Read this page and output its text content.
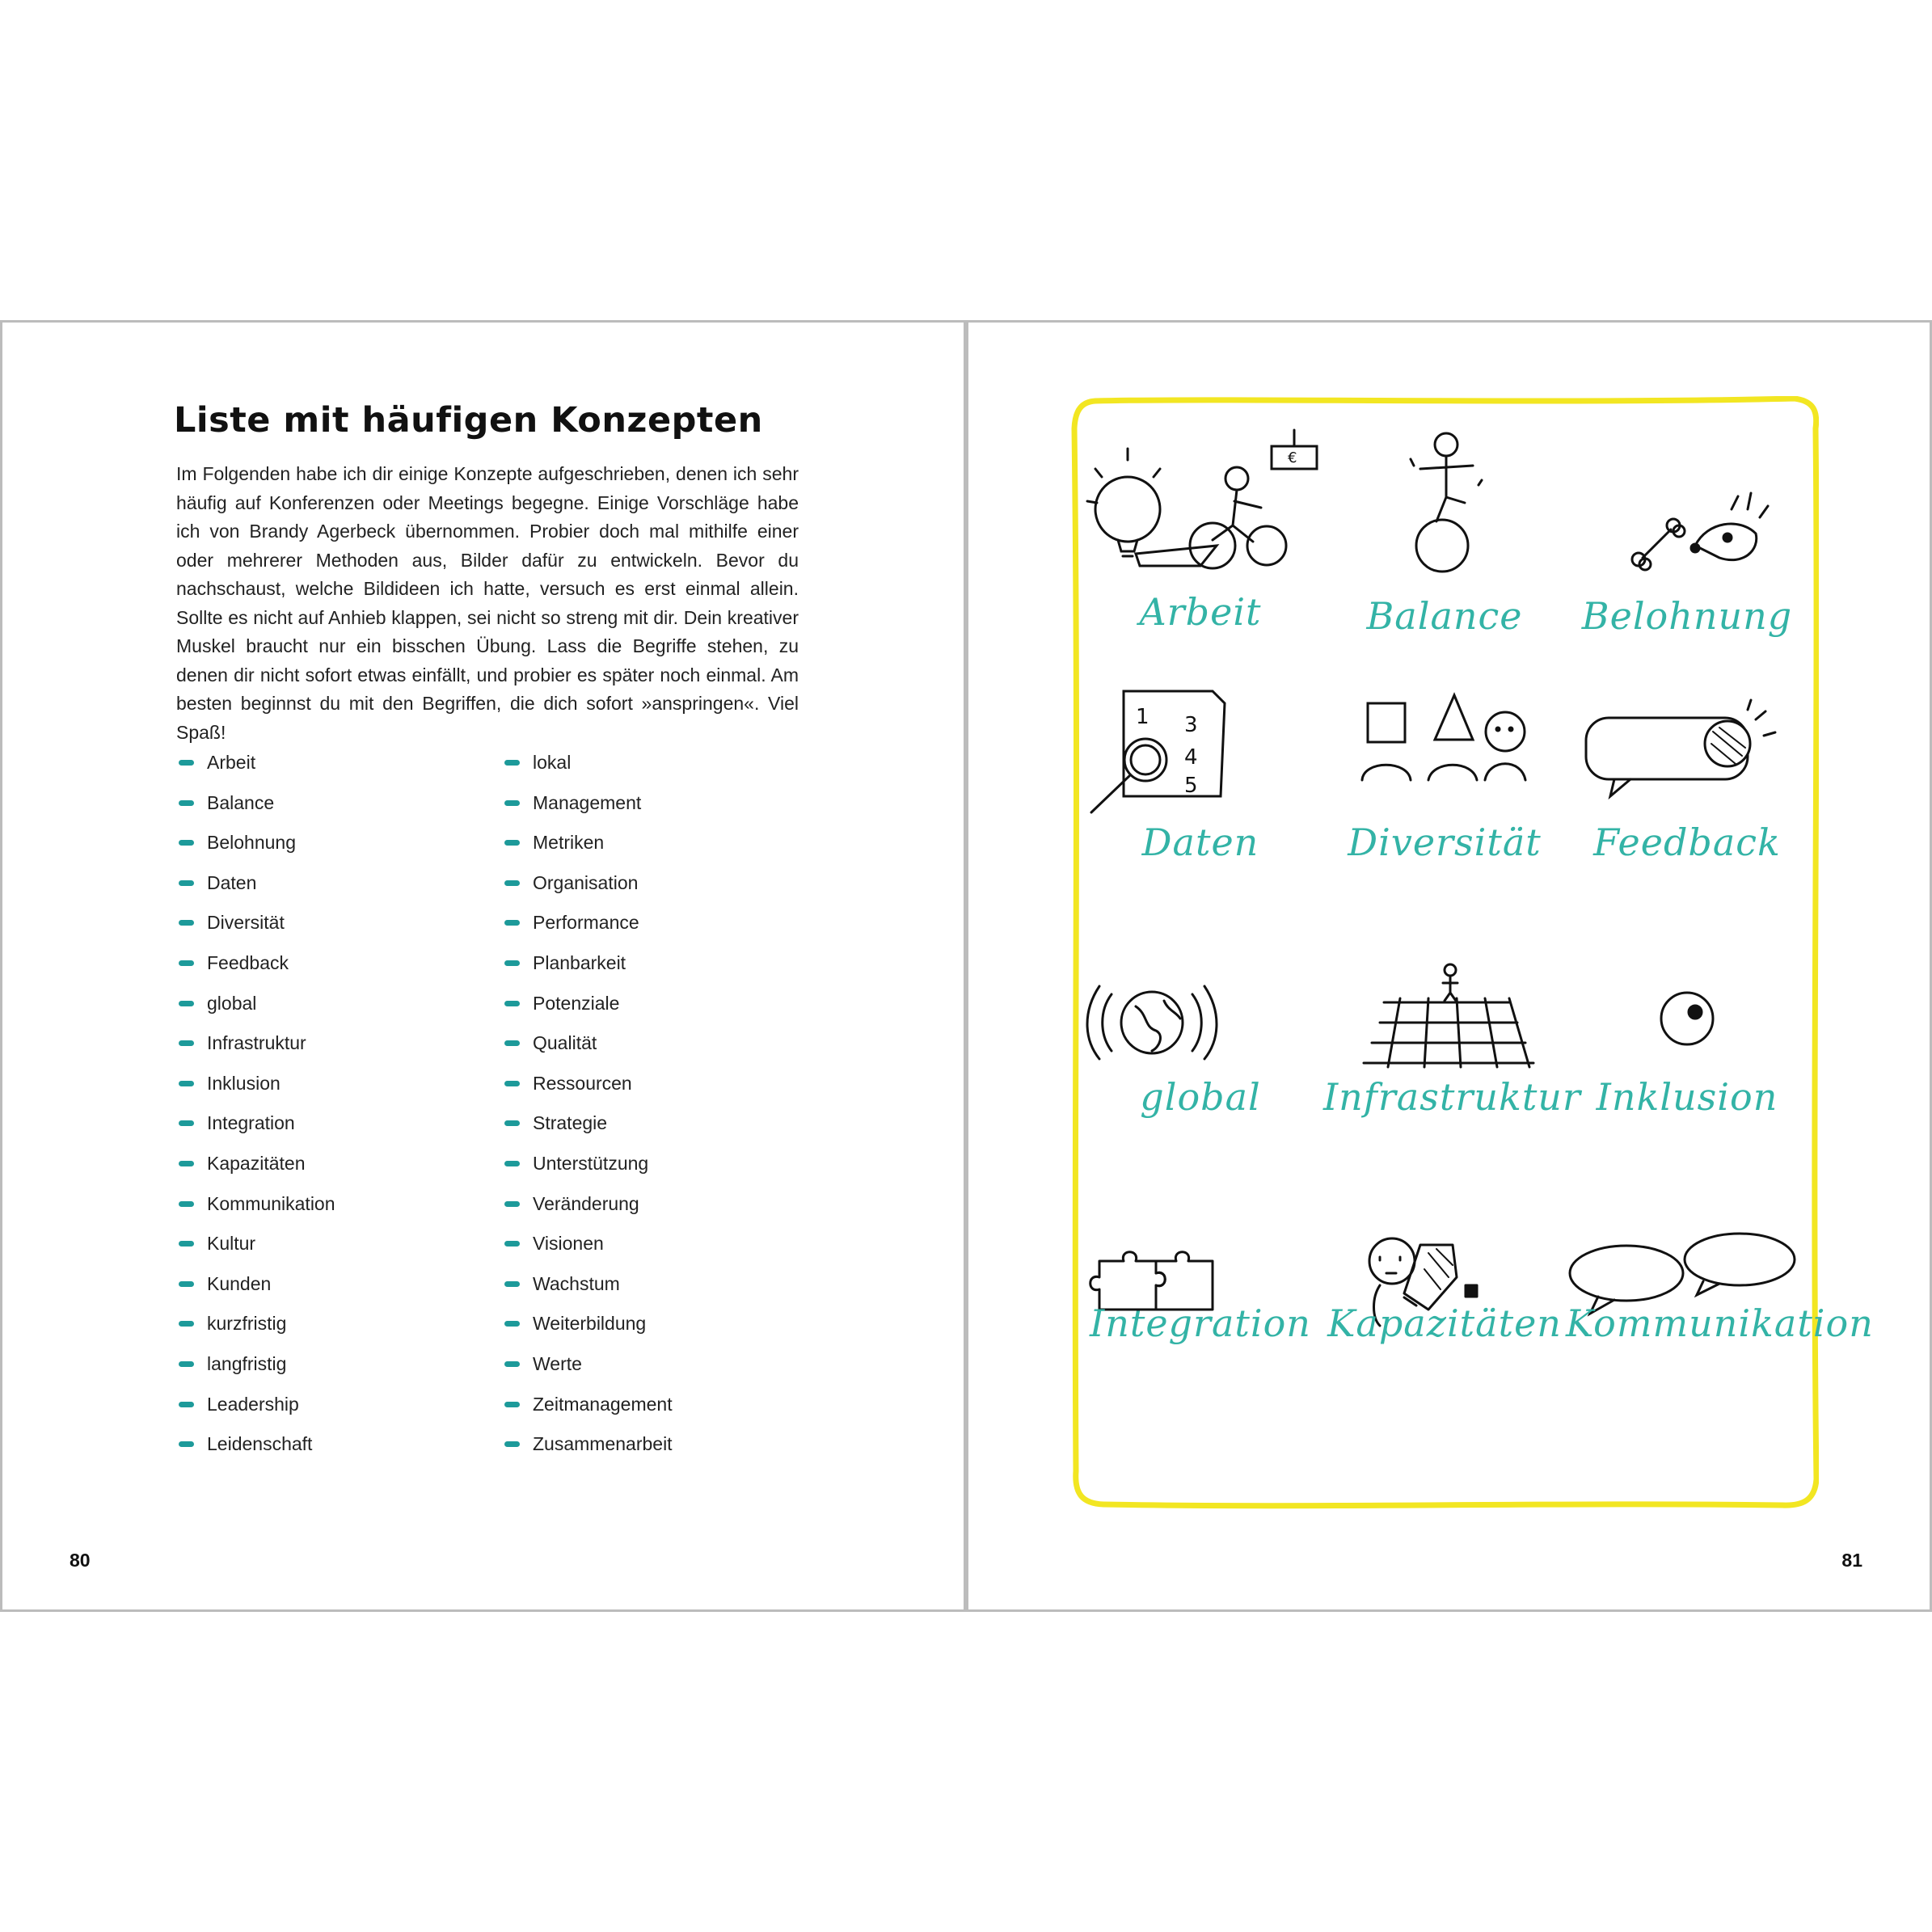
Liste mit häufigen Konzepten

Im Folgenden habe ich dir einige Konzepte aufgeschrieben, denen ich sehr häufig auf Konferenzen oder Meetings begegne. Einige Vorschläge habe ich von Brandy Agerbeck übernommen. Probier doch mal mithilfe einer oder mehrerer Methoden aus, Bilder dafür zu entwickeln. Bevor du nachschaust, welche Bildideen ich hatte, versuch es erst einmal allein. Sollte es nicht auf Anhieb klappen, sei nicht so streng mit dir. Dein kreativer Muskel braucht nur ein bisschen Übung. Lass die Begriffe stehen, zu denen dir nicht sofort etwas einfällt, und probier es später noch einmal. Am besten beginnst du mit den Begriffen, die dich sofort »anspringen«. Viel Spaß!

Arbeit
Balance
Belohnung
Daten
Diversität
Feedback
global
Infrastruktur
Inklusion
Integration
Kapazitäten
Kommunikation
Kultur
Kunden
kurzfristig
langfristig
Leadership
Leidenschaft
lokal
Management
Metriken
Organisation
Performance
Planbarkeit
Potenziale
Qualität
Ressourcen
Strategie
Unterstützung
Veränderung
Visionen
Wachstum
Weiterbildung
Werte
Zeitmanagement
Zusammenarbeit
80
€
Arbeit	Balance	Belohnung
1 3
4
5
Daten	Diversität	Feedback
global	Infrastruktur Inklusion
Integration Kapazitäten Kommunikation
81
